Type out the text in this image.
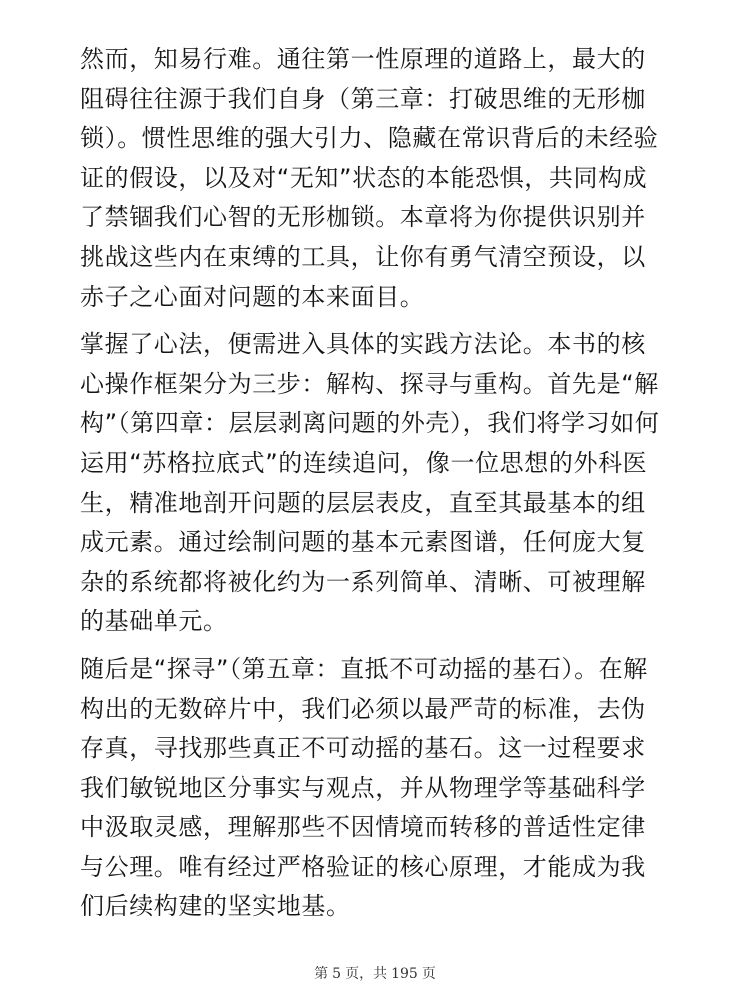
然而，知易行难。通往第一性原理的道路上，最大的阻碍往往源于我们自身（第三章：打破思维的无形枷锁）。惯性思维的强大引力、隐藏在常识背后的未经验证的假设，以及对“无知”状态的本能恐惧，共同构成了禁锢我们心智的无形枷锁。本章将为你提供识别并挑战这些内在束缚的工具，让你有勇气清空预设，以赤子之心面对问题的本来面目。

掌握了心法，便需进入具体的实践方法论。本书的核心操作框架分为三步：解构、探寻与重构。首先是“解构”（第四章：层层剥离问题的外壳），我们将学习如何运用“苏格拉底式”的连续追问，像一位思想的外科医生，精准地剖开问题的层层表皮，直至其最基本的组成元素。通过绘制问题的基本元素图谱，任何庞大复杂的系统都将被化约为一系列简单、清晰、可被理解的基础单元。

随后是“探寻”（第五章：直抵不可动摇的基石）。在解构出的无数碎片中，我们必须以最严苛的标准，去伪存真，寻找那些真正不可动摇的基石。这一过程要求我们敏锐地区分事实与观点，并从物理学等基础科学中汲取灵感，理解那些不因情境而转移的普适性定律与公理。唯有经过严格验证的核心原理，才能成为我们后续构建的坚实地基。

第 5 页，共 195 页
